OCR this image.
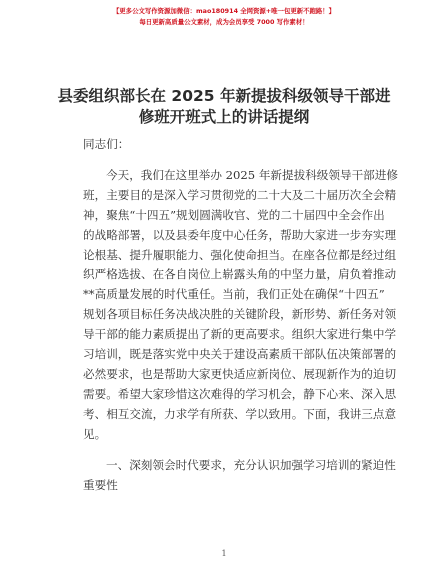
【更多公文写作资源加微信：mao180914 全网资源+唯一包更新不跑路！】
每日更新高质量公文素材，成为会员享受 7000 写作素材！
县委组织部长在 2025 年新提拔科级领导干部进
修班开班式上的讲话提纲

同志们：

今天，我们在这里举办 2025 年新提拔科级领导干部进修
班，主要目的是深入学习贯彻党的二十大及二十届历次全会精
神，聚焦“十四五”规划圆满收官、党的二十届四中全会作出
的战略部署，以及县委年度中心任务，帮助大家进一步夯实理
论根基、提升履职能力、强化使命担当。在座各位都是经过组
织严格选拔、在各自岗位上崭露头角的中坚力量，肩负着推动
**高质量发展的时代重任。当前，我们正处在确保“十四五”
规划各项目标任务决战决胜的关键阶段，新形势、新任务对领
导干部的能力素质提出了新的更高要求。组织大家进行集中学
习培训，既是落实党中央关于建设高素质干部队伍决策部署的
必然要求，也是帮助大家更快适应新岗位、展现新作为的迫切
需要。希望大家珍惜这次难得的学习机会，静下心来、深入思
考、相互交流，力求学有所获、学以致用。下面，我讲三点意
见。

一、深刻领会时代要求，充分认识加强学习培训的紧迫性
重要性

1
